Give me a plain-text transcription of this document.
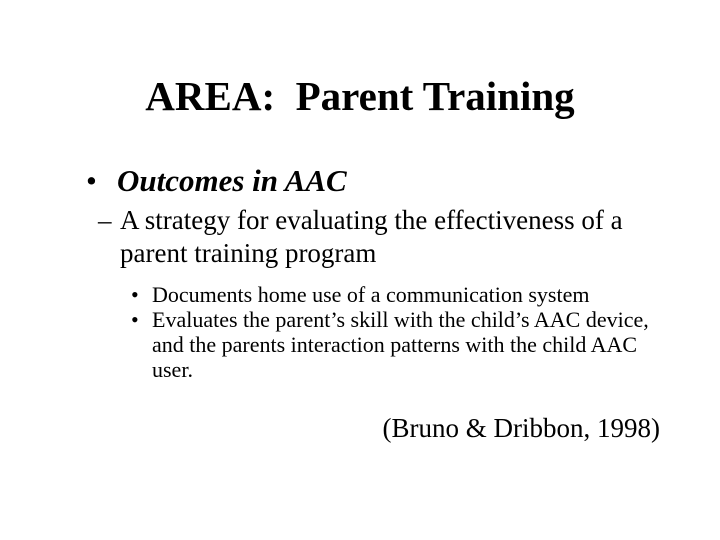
AREA:  Parent Training
• Outcomes in AAC
– A strategy for evaluating the effectiveness of a parent training program
• Documents home use of a communication system
• Evaluates the parent’s skill with the child’s AAC device, and the parents interaction patterns with the child AAC user.
(Bruno & Dribbon, 1998)
